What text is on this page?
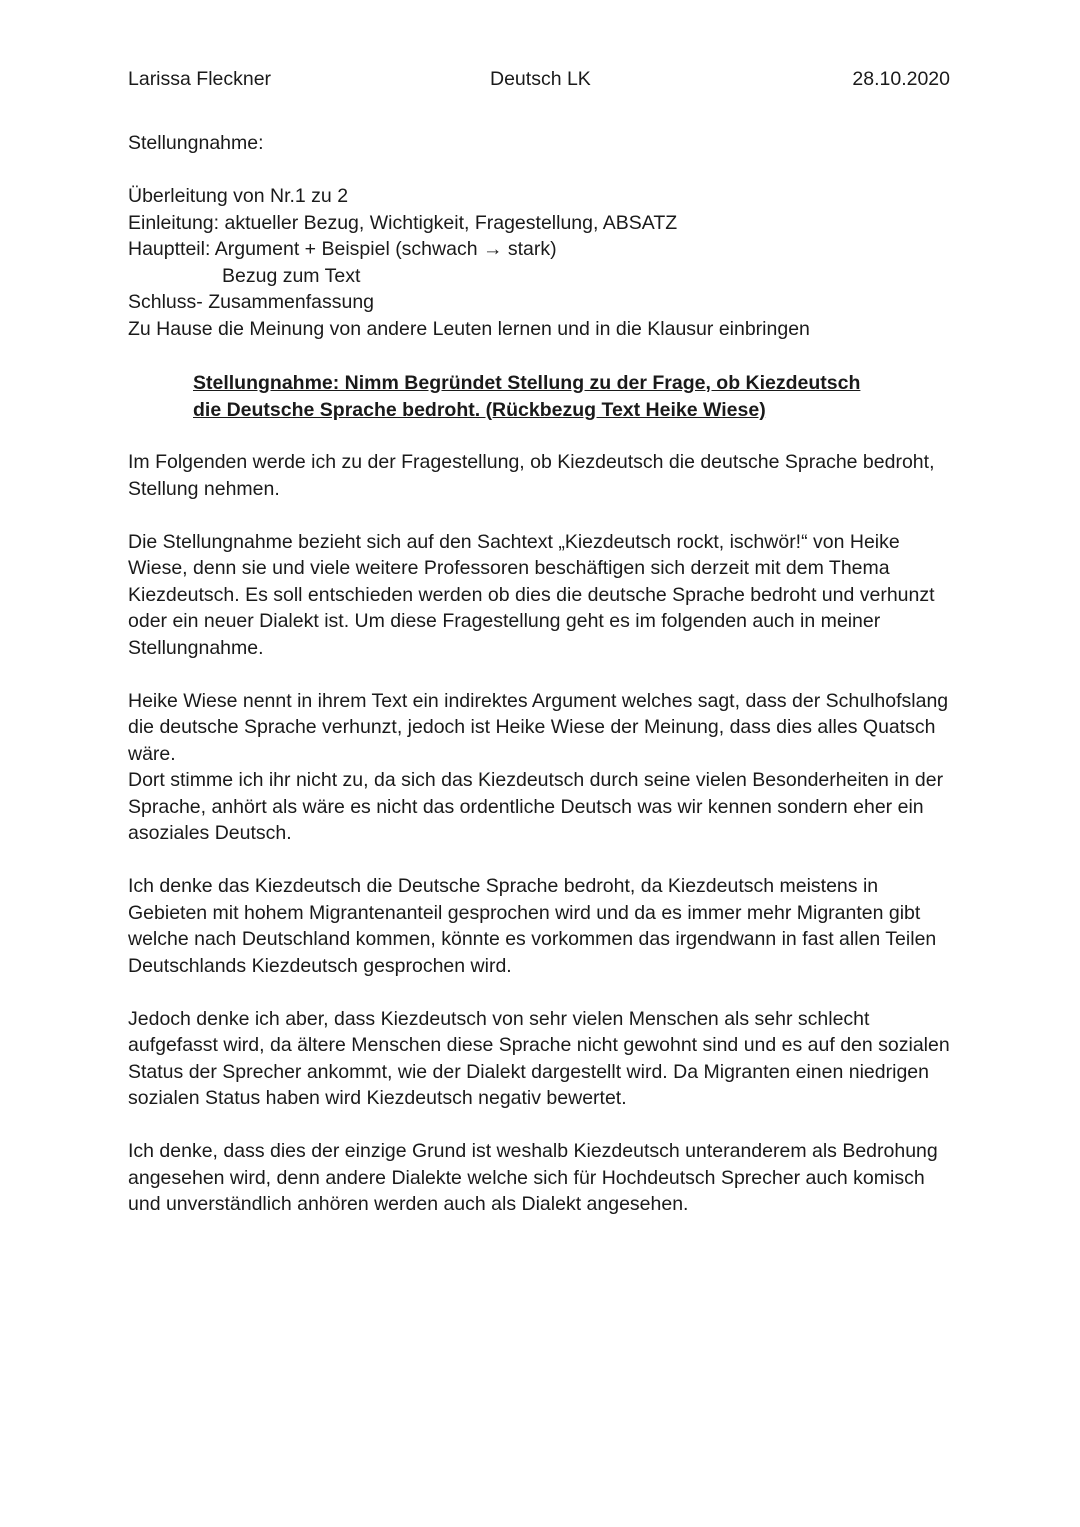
Larissa Fleckner	Deutsch LK	28.10.2020
Stellungnahme:
Überleitung von Nr.1 zu 2
Einleitung: aktueller Bezug, Wichtigkeit, Fragestellung, ABSATZ
Hauptteil: Argument + Beispiel (schwach → stark)
Bezug zum Text
Schluss- Zusammenfassung
Zu Hause die Meinung von andere Leuten lernen und in die Klausur einbringen
Stellungnahme: Nimm Begründet Stellung zu der Frage, ob Kiezdeutsch die Deutsche Sprache bedroht. (Rückbezug Text Heike Wiese)

Im Folgenden werde ich zu der Fragestellung, ob Kiezdeutsch die deutsche Sprache bedroht, Stellung nehmen.

Die Stellungnahme bezieht sich auf den Sachtext „Kiezdeutsch rockt, ischwör!“ von Heike Wiese, denn sie und viele weitere Professoren beschäftigen sich derzeit mit dem Thema Kiezdeutsch. Es soll entschieden werden ob dies die deutsche Sprache bedroht und verhunzt oder ein neuer Dialekt ist. Um diese Fragestellung geht es im folgenden auch in meiner Stellungnahme.

Heike Wiese nennt in ihrem Text ein indirektes Argument welches sagt, dass der Schulhofslang die deutsche Sprache verhunzt, jedoch ist Heike Wiese der Meinung, dass dies alles Quatsch wäre.

Dort stimme ich ihr nicht zu, da sich das Kiezdeutsch durch seine vielen Besonderheiten in der Sprache, anhört als wäre es nicht das ordentliche Deutsch was wir kennen sondern eher ein asoziales Deutsch.

Ich denke das Kiezdeutsch die Deutsche Sprache bedroht, da Kiezdeutsch meistens in Gebieten mit hohem Migrantenanteil gesprochen wird und da es immer mehr Migranten gibt welche nach Deutschland kommen, könnte es vorkommen das irgendwann in fast allen Teilen Deutschlands Kiezdeutsch gesprochen wird.

Jedoch denke ich aber, dass Kiezdeutsch von sehr vielen Menschen als sehr schlecht aufgefasst wird, da ältere Menschen diese Sprache nicht gewohnt sind und es auf den sozialen Status der Sprecher ankommt, wie der Dialekt dargestellt wird. Da Migranten einen niedrigen sozialen Status haben wird Kiezdeutsch negativ bewertet.

Ich denke, dass dies der einzige Grund ist weshalb Kiezdeutsch unteranderem als Bedrohung angesehen wird, denn andere Dialekte welche sich für Hochdeutsch Sprecher auch komisch und unverständlich anhören werden auch als Dialekt angesehen.
